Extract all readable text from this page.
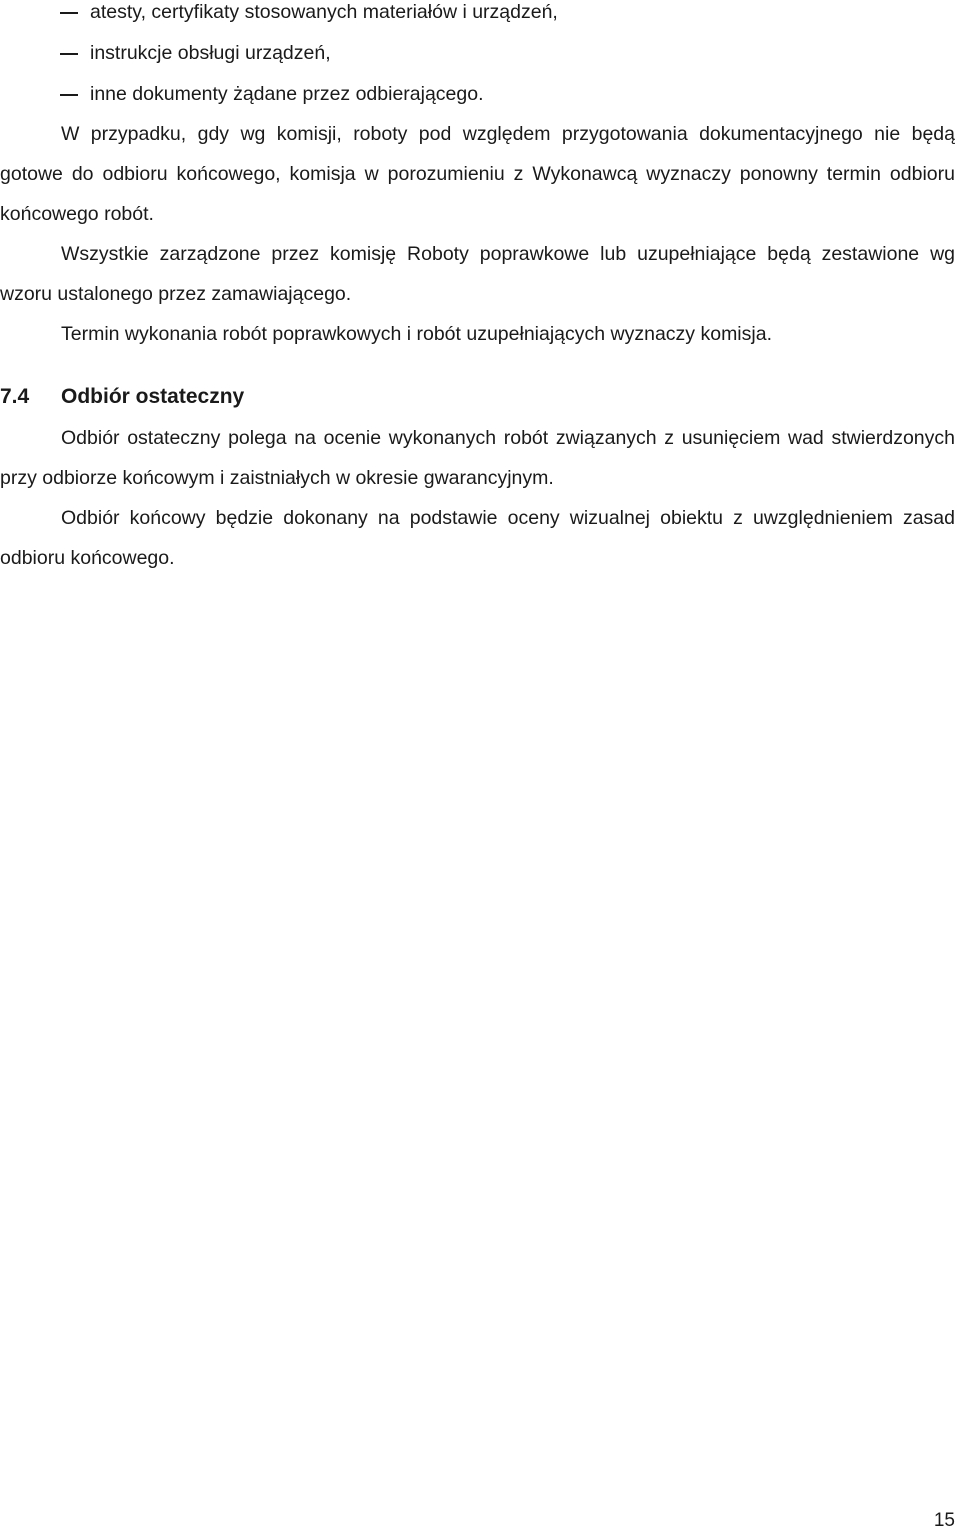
atesty, certyfikaty stosowanych materiałów i urządzeń,
instrukcje obsługi urządzeń,
inne dokumenty żądane przez odbierającego.
W przypadku, gdy wg komisji, roboty pod względem przygotowania dokumentacyjnego nie będą gotowe do odbioru końcowego, komisja w porozumieniu z Wykonawcą wyznaczy ponowny termin odbioru końcowego robót.
Wszystkie zarządzone przez komisję Roboty poprawkowe lub uzupełniające będą zestawione wg wzoru ustalonego przez zamawiającego.
Termin wykonania robót poprawkowych i robót uzupełniających wyznaczy komisja.
7.4 Odbiór ostateczny
Odbiór ostateczny polega na ocenie wykonanych robót związanych z usunięciem wad stwierdzonych przy odbiorze końcowym i zaistniałych w okresie gwarancyjnym.
Odbiór końcowy będzie dokonany na podstawie oceny wizualnej obiektu z uwzględnieniem zasad odbioru końcowego.
15
